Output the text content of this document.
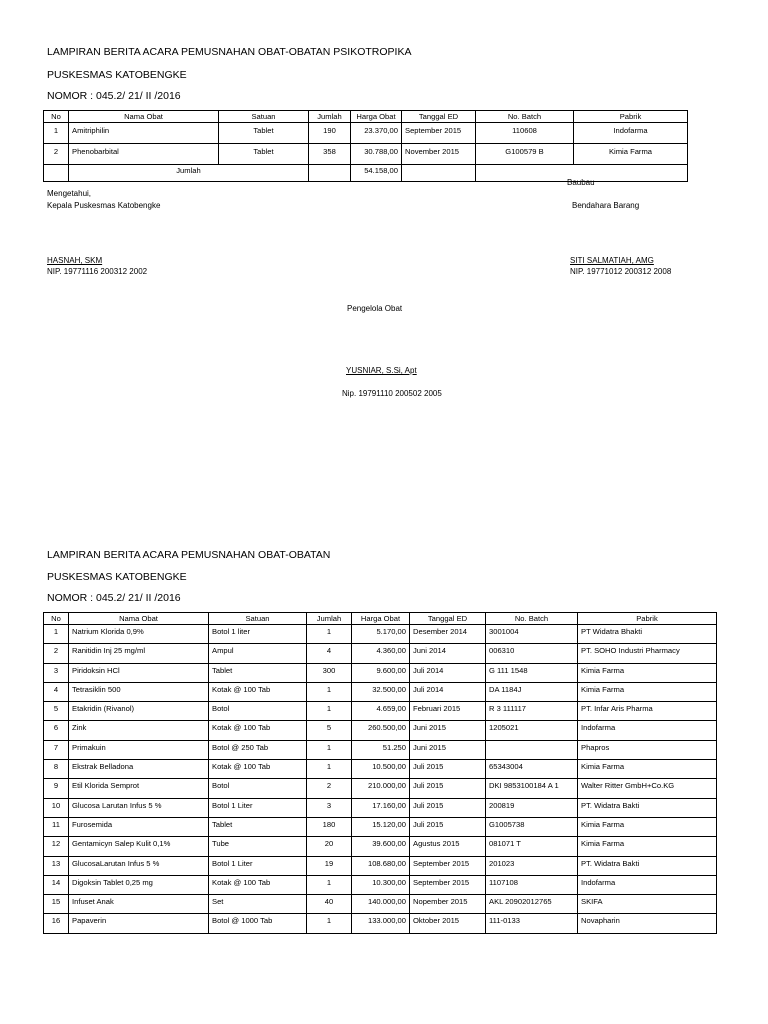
LAMPIRAN BERITA ACARA PEMUSNAHAN OBAT-OBATAN PSIKOTROPIKA
PUSKESMAS KATOBENGKE
NOMOR : 045.2/ 21/ II /2016
No	Nama Obat	Satuan	Jumlah	Harga Obat	Tanggal ED	No. Batch	Pabrik
1	Amitriphilin	Tablet	190	23.370,00	September 2015	110608	Indofarma
2	Phenobarbital	Tablet	358	30.788,00	November 2015	G100579 B	Kimia Farma
	Jumlah			54.158,00			
Baubau
Mengetahui,
Kepala Puskesmas Katobengke	Bendahara Barang
HASNAH, SKM
NIP. 19771116 200312 2002
SITI SALMATIAH, AMG
NIP. 19771012 200312 2008
Pengelola Obat
YUSNIAR, S.Si, Apt
Nip. 19791110 200502 2005
LAMPIRAN BERITA ACARA PEMUSNAHAN OBAT-OBATAN
PUSKESMAS KATOBENGKE
NOMOR : 045.2/ 21/ II /2016
No	Nama Obat	Satuan	Jumlah	Harga Obat	Tanggal ED	No. Batch	Pabrik
1	Natrium Klorida 0,9%	Botol 1 liter	1	5.170,00	Desember 2014	3001004	PT Widatra Bhakti
2	Ranitidin Inj 25 mg/ml	Ampul	4	4.360,00	Juni 2014	006310	PT. SOHO Industri Pharmacy
3	Piridoksin HCl	Tablet	300	9.600,00	Juli 2014	G 111 1548	Kimia Farma
4	Tetrasiklin 500	Kotak @ 100 Tab	1	32.500,00	Juli 2014	DA 1184J	Kimia Farma
5	Etakridin (Rivanol)	Botol	1	4.659,00	Februari 2015	R 3 111117	PT. Infar Aris Pharma
6	Zink	Kotak @ 100 Tab	5	260.500,00	Juni 2015	1205021	Indofarma
7	Primakuin	Botol @ 250 Tab	1	51.250	Juni 2015		Phapros
8	Ekstrak Belladona	Kotak @ 100 Tab	1	10.500,00	Juli 2015	65343004	Kimia Farma
9	Etil Klorida Semprot	Botol	2	210.000,00	Juli 2015	DKI 9853100184 A 1	Walter Ritter GmbH+Co.KG
10	Glucosa Larutan Infus 5 %	Botol 1 Liter	3	17.160,00	Juli 2015	200819	PT. Widatra Bakti
11	Furosemida	Tablet	180	15.120,00	Juli 2015	G1005738	Kimia Farma
12	Gentamicyn Salep Kulit 0,1%	Tube	20	39.600,00	Agustus 2015	081071 T	Kimia Farma
13	GlucosaLarutan Infus 5 %	Botol 1 Liter	19	108.680,00	September 2015	201023	PT. Widatra Bakti
14	Digoksin Tablet 0,25 mg	Kotak @ 100 Tab	1	10.300,00	September 2015	1107108	Indofarma
15	Infuset Anak	Set	40	140.000,00	Nopember 2015	AKL 20902012765	SKIFA
16	Papaverin	Botol @ 1000 Tab	1	133.000,00	Oktober 2015	111-0133	Novapharin
